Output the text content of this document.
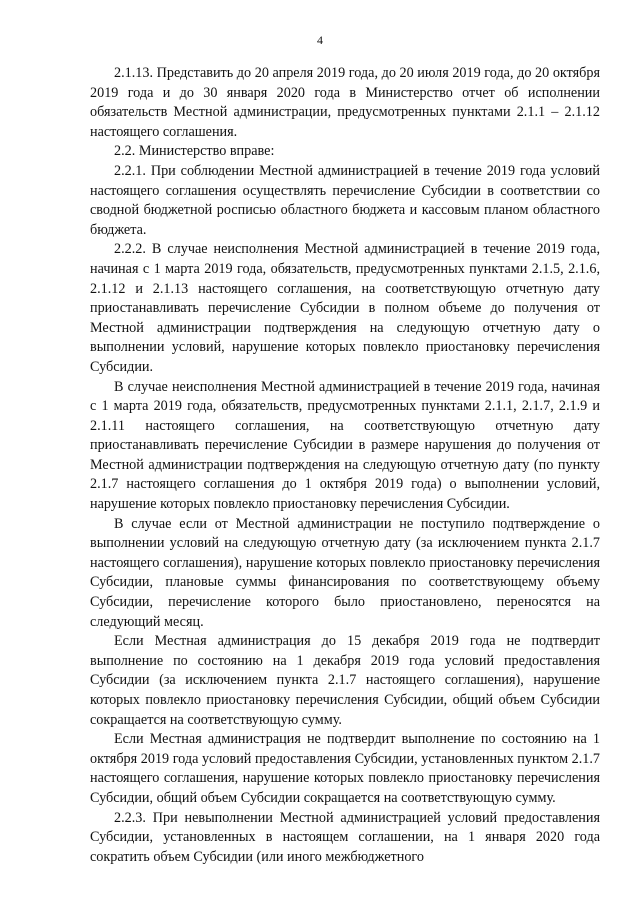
4

2.1.13. Представить до 20 апреля 2019 года, до 20 июля 2019 года, до 20 октября 2019 года и до 30 января 2020 года в Министерство отчет об исполнении обязательств Местной администрации, предусмотренных пунктами 2.1.1 – 2.1.12 настоящего соглашения.

2.2. Министерство вправе:

2.2.1. При соблюдении Местной администрацией в течение 2019 года условий настоящего соглашения осуществлять перечисление Субсидии в соответствии со сводной бюджетной росписью областного бюджета и кассовым планом областного бюджета.

2.2.2. В случае неисполнения Местной администрацией в течение 2019 года, начиная с 1 марта 2019 года, обязательств, предусмотренных пунктами 2.1.5, 2.1.6, 2.1.12 и 2.1.13 настоящего соглашения, на соответствующую отчетную дату приостанавливать перечисление Субсидии в полном объеме до получения от Местной администрации подтверждения на следующую отчетную дату о выполнении условий, нарушение которых повлекло приостановку перечисления Субсидии.

В случае неисполнения Местной администрацией в течение 2019 года, начиная с 1 марта 2019 года, обязательств, предусмотренных пунктами 2.1.1, 2.1.7, 2.1.9 и 2.1.11 настоящего соглашения, на соответствующую отчетную дату приостанавливать перечисление Субсидии в размере нарушения до получения от Местной администрации подтверждения на следующую отчетную дату (по пункту 2.1.7 настоящего соглашения до 1 октября 2019 года) о выполнении условий, нарушение которых повлекло приостановку перечисления Субсидии.

В случае если от Местной администрации не поступило подтверждение о выполнении условий на следующую отчетную дату (за исключением пункта 2.1.7 настоящего соглашения), нарушение которых повлекло приостановку перечисления Субсидии, плановые суммы финансирования по соответствующему объему Субсидии, перечисление которого было приостановлено, переносятся на следующий месяц.

Если Местная администрация до 15 декабря 2019 года не подтвердит выполнение по состоянию на 1 декабря 2019 года условий предоставления Субсидии (за исключением пункта 2.1.7 настоящего соглашения), нарушение которых повлекло приостановку перечисления Субсидии, общий объем Субсидии сокращается на соответствующую сумму.

Если Местная администрация не подтвердит выполнение по состоянию на 1 октября 2019 года условий предоставления Субсидии, установленных пунктом 2.1.7 настоящего соглашения, нарушение которых повлекло приостановку перечисления Субсидии, общий объем Субсидии сокращается на соответствующую сумму.

2.2.3. При невыполнении Местной администрацией условий предоставления Субсидии, установленных в настоящем соглашении, на 1 января 2020 года сократить объем Субсидии (или иного межбюджетного
